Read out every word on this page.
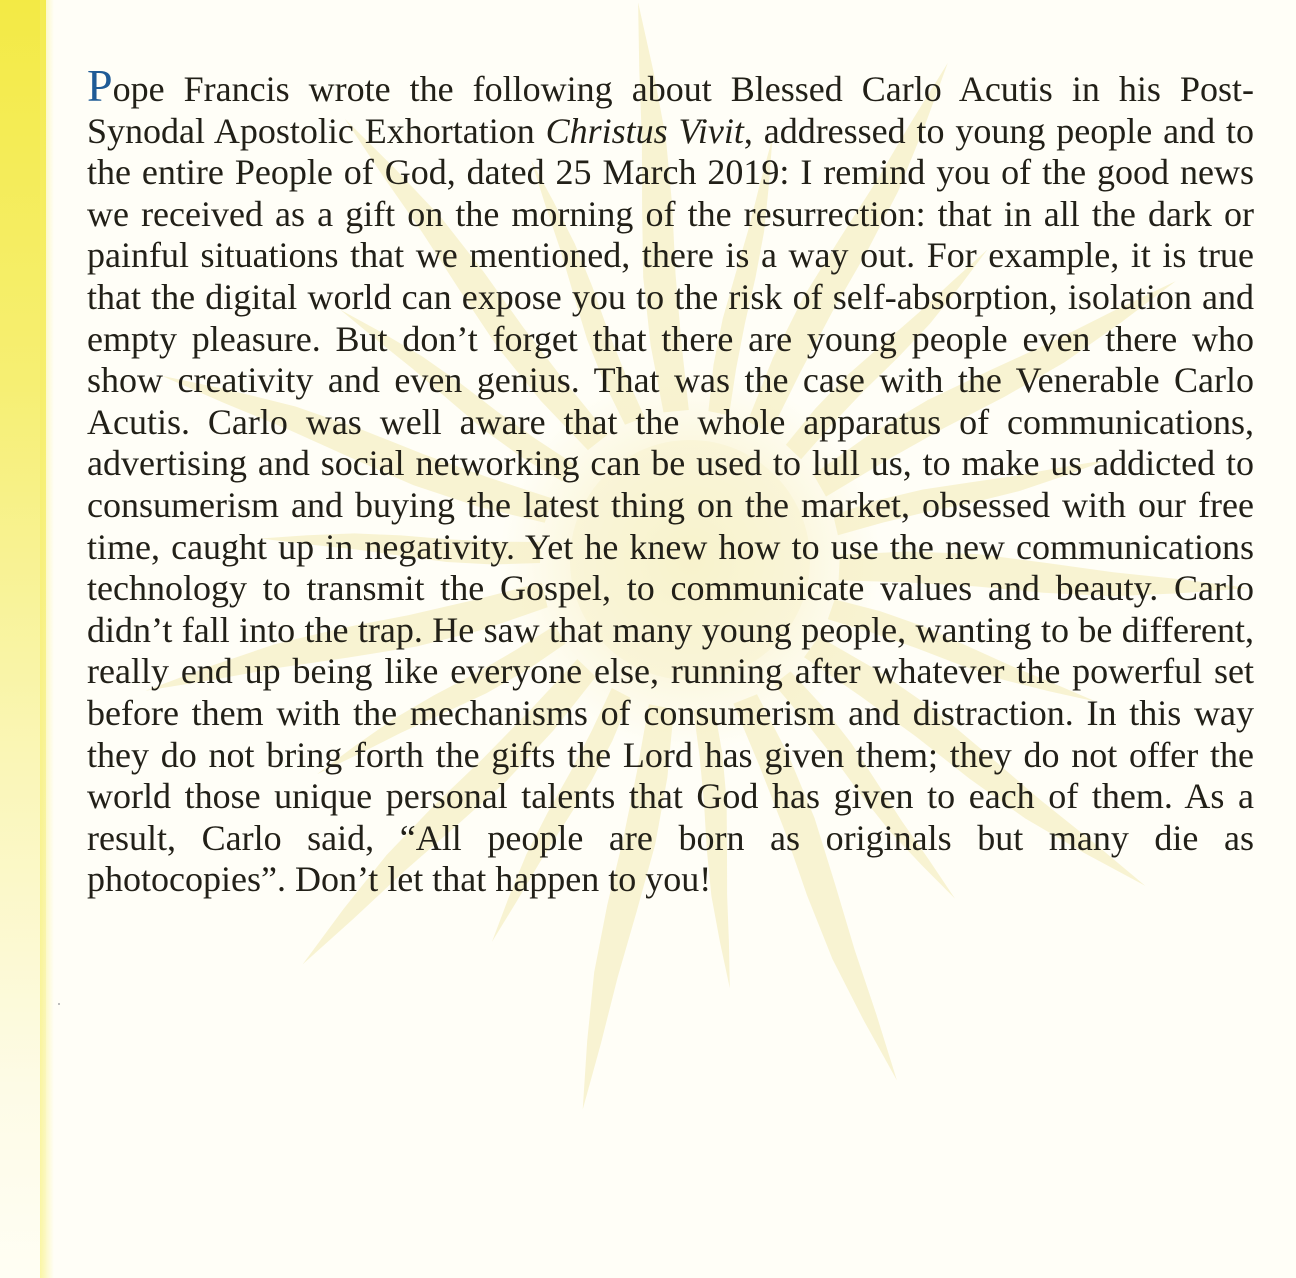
Pope Francis wrote the following about Blessed Carlo Acutis in his Post-Synodal Apostolic Exhortation Christus Vivit, addressed to young people and to the entire People of God, dated 25 March 2019: I remind you of the good news we received as a gift on the morning of the resurrection: that in all the dark or painful situations that we mentioned, there is a way out. For example, it is true that the digital world can expose you to the risk of self-absorption, isolation and empty pleasure. But don’t forget that there are young people even there who show creativity and even genius. That was the case with the Venerable Carlo Acutis. Carlo was well aware that the whole apparatus of communications, advertising and social networking can be used to lull us, to make us addicted to consumerism and buying the latest thing on the market, obsessed with our free time, caught up in negativity. Yet he knew how to use the new communications technology to transmit the Gospel, to communicate values and beauty. Carlo didn’t fall into the trap. He saw that many young people, wanting to be different, really end up being like everyone else, running after whatever the powerful set before them with the mechanisms of consumerism and distraction. In this way they do not bring forth the gifts the Lord has given them; they do not offer the world those unique personal talents that God has given to each of them. As a result, Carlo said, “All people are born as originals but many die as photocopies”. Don’t let that happen to you!
